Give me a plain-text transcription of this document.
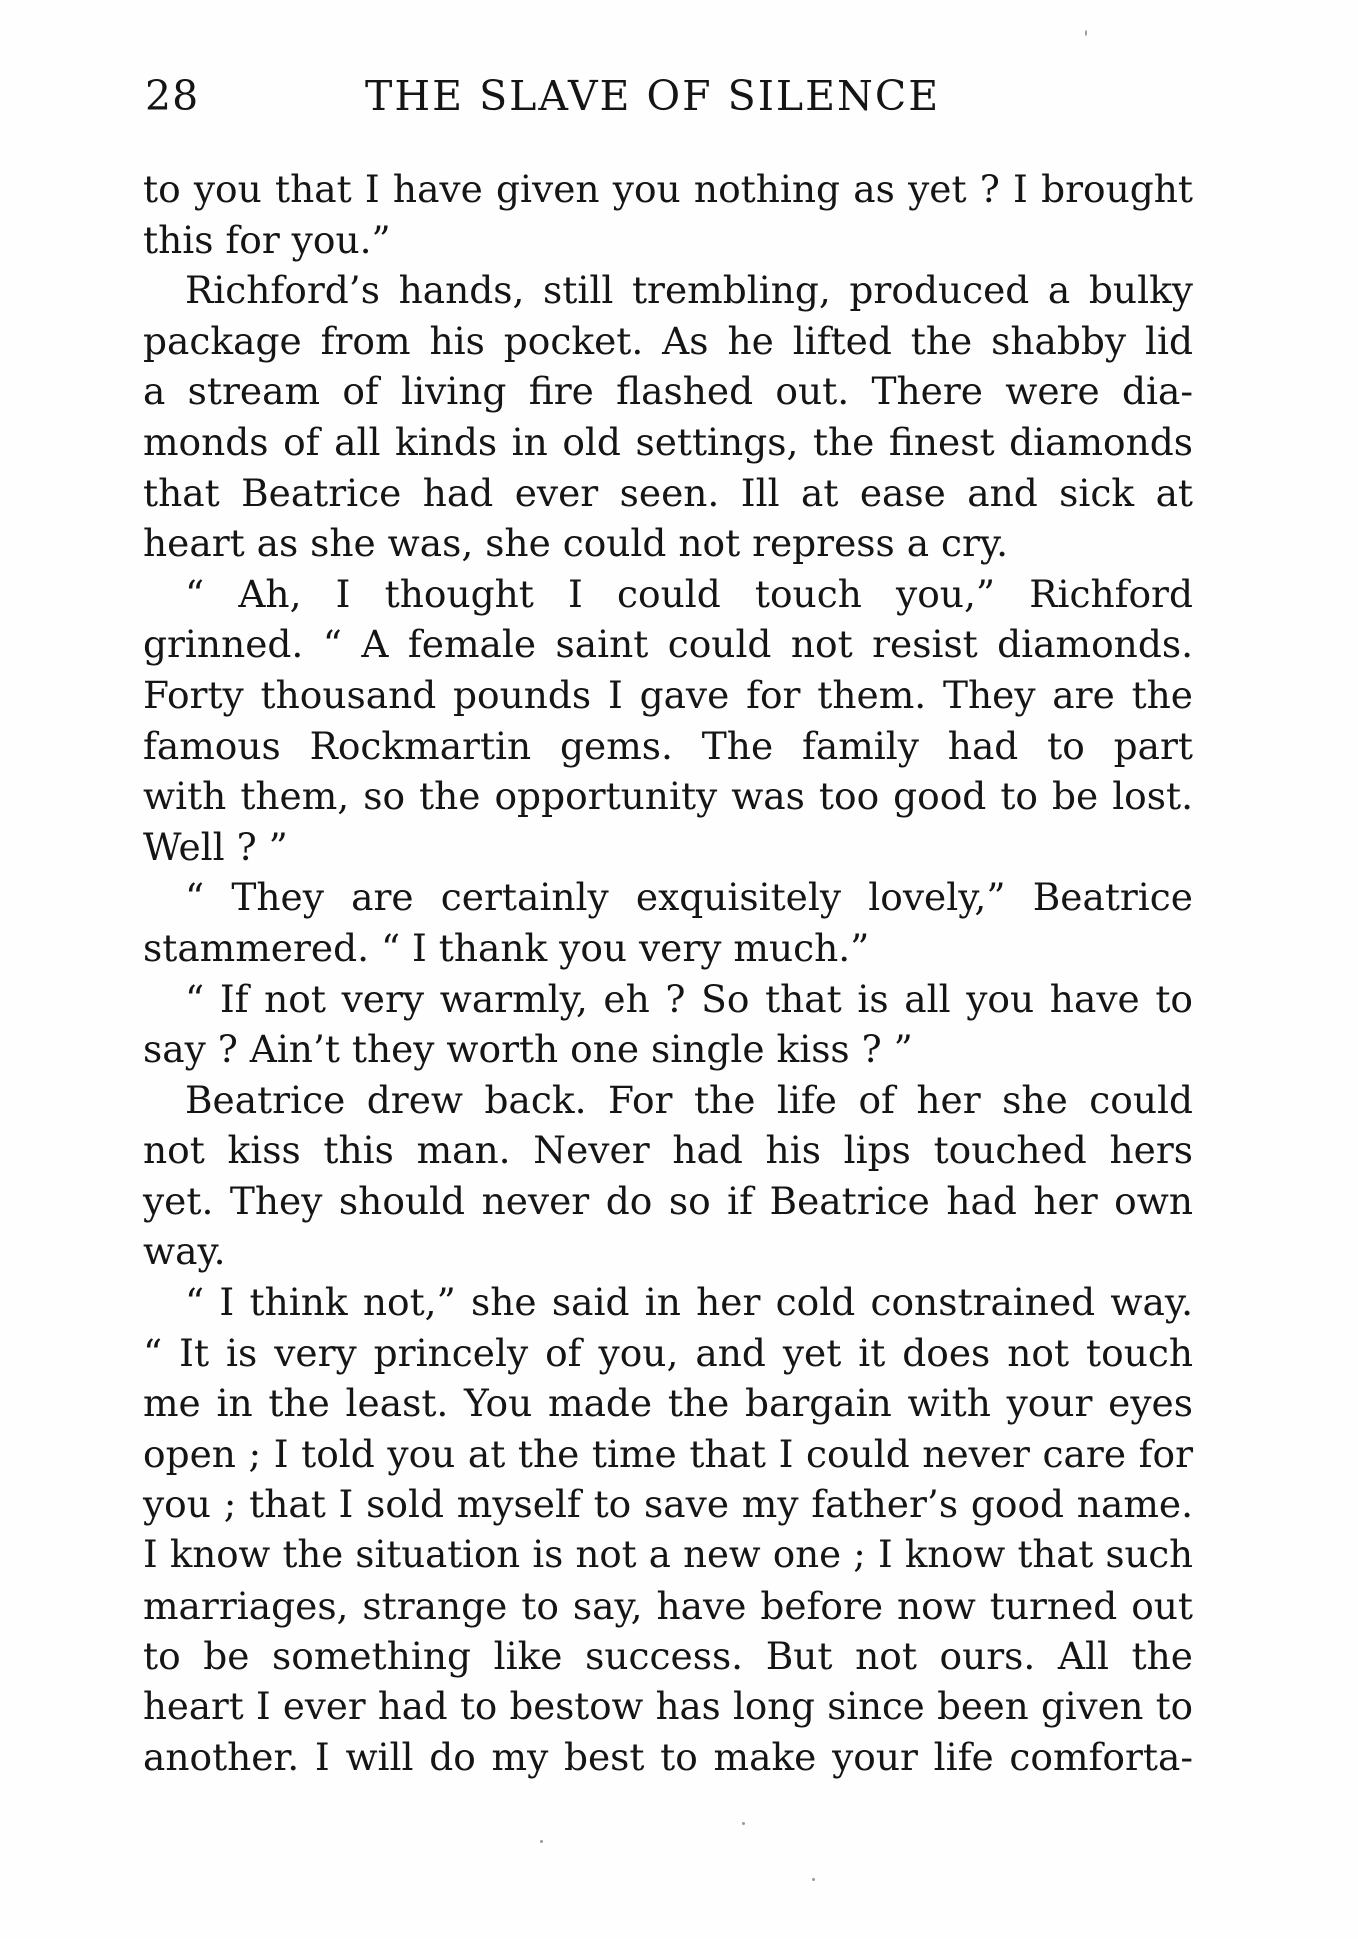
28	THE SLAVE OF SILENCE
to you that I have given you nothing as yet ? I brought
this for you.”
Richford’s hands, still trembling, produced a bulky
package from his pocket. As he lifted the shabby lid
a stream of living fire flashed out. There were dia-
monds of all kinds in old settings, the finest diamonds
that Beatrice had ever seen. Ill at ease and sick at
heart as she was, she could not repress a cry.
“ Ah, I thought I could touch you,” Richford
grinned. “ A female saint could not resist diamonds.
Forty thousand pounds I gave for them. They are the
famous Rockmartin gems. The family had to part
with them, so the opportunity was too good to be lost.
Well ? ”
“ They are certainly exquisitely lovely,” Beatrice
stammered. “ I thank you very much.”
“ If not very warmly, eh ? So that is all you have to
say ? Ain’t they worth one single kiss ? ”
Beatrice drew back. For the life of her she could
not kiss this man. Never had his lips touched hers
yet. They should never do so if Beatrice had her own
way.
“ I think not,” she said in her cold constrained way.
“ It is very princely of you, and yet it does not touch
me in the least. You made the bargain with your eyes
open ; I told you at the time that I could never care for
you ; that I sold myself to save my father’s good name.
I know the situation is not a new one ; I know that such
marriages, strange to say, have before now turned out
to be something like success. But not ours. All the
heart I ever had to bestow has long since been given to
another. I will do my best to make your life comforta-
